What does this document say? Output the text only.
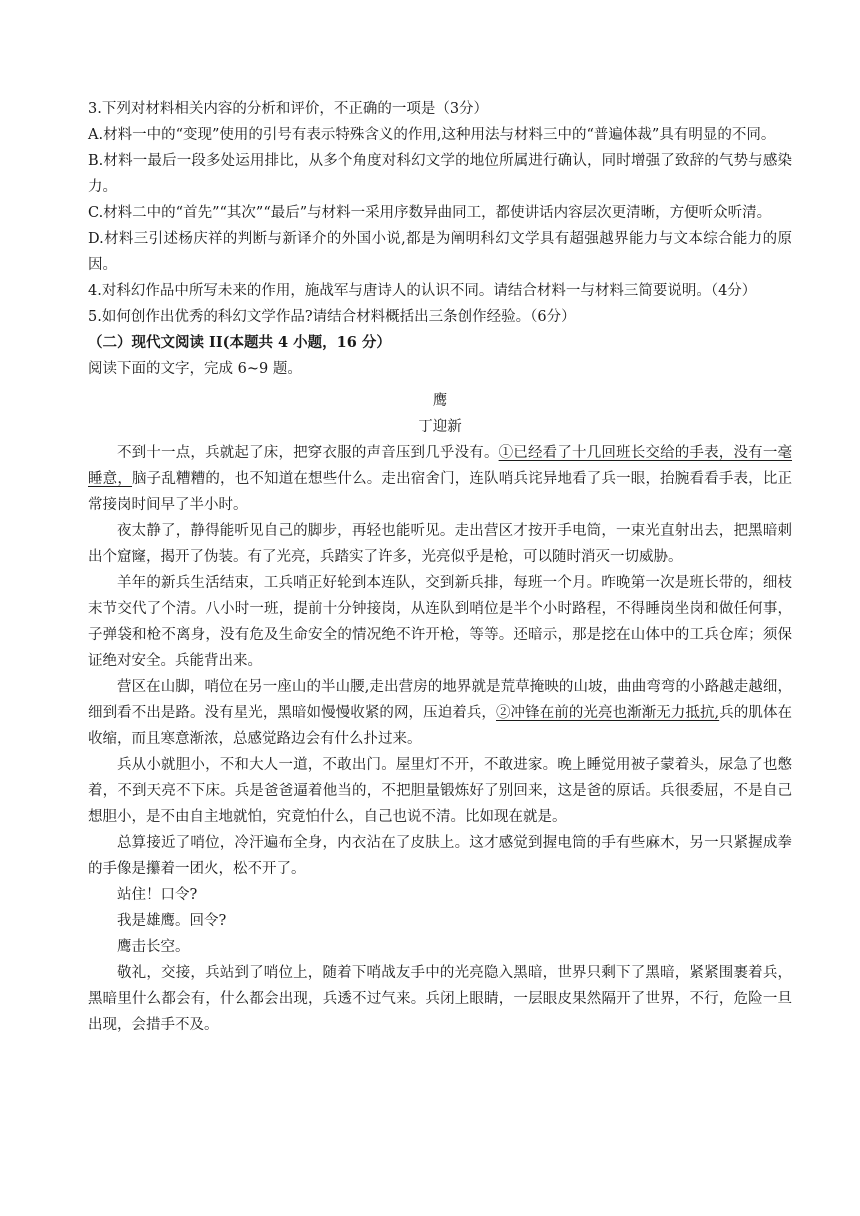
3.下列对材料相关内容的分析和评价，不正确的一项是（3分）
A.材料一中的“变现”使用的引号有表示特殊含义的作用,这种用法与材料三中的“普遍体裁”具有明显的不同。
B.材料一最后一段多处运用排比，从多个角度对科幻文学的地位所属进行确认，同时增强了致辞的气势与感染力。
C.材料二中的“首先”“其次”“最后”与材料一采用序数异曲同工，都使讲话内容层次更清晰，方便听众听清。
D.材料三引述杨庆祥的判断与新译介的外国小说,都是为阐明科幻文学具有超强越界能力与文本综合能力的原因。
4.对科幻作品中所写未来的作用，施战军与唐诗人的认识不同。请结合材料一与材料三简要说明。（4分）
5.如何创作出优秀的科幻文学作品?请结合材料概括出三条创作经验。（6分）
（二）现代文阅读 II(本题共 4 小题，16 分）
阅读下面的文字，完成 6~9 题。
鹰
丁迎新
不到十一点，兵就起了床，把穿衣服的声音压到几乎没有。①已经看了十几回班长交给的手表，没有一毫睡意，脑子乱糟糟的，也不知道在想些什么。走出宿舍门，连队哨兵诧异地看了兵一眼，抬腕看看手表，比正常接岗时间早了半小时。
夜太静了，静得能听见自己的脚步，再轻也能听见。走出营区才按开手电筒，一束光直射出去，把黑暗刺出个窟窿，揭开了伪装。有了光亮，兵踏实了许多，光亮似乎是枪，可以随时消灭一切威胁。
羊年的新兵生活结束，工兵哨正好轮到本连队，交到新兵排，每班一个月。昨晚第一次是班长带的，细枝末节交代了个清。八小时一班，提前十分钟接岗，从连队到哨位是半个小时路程，不得睡岗坐岗和做任何事，子弹袋和枪不离身，没有危及生命安全的情况绝不许开枪，等等。还暗示，那是挖在山体中的工兵仓库；须保证绝对安全。兵能背出来。
营区在山脚，哨位在另一座山的半山腰,走出营房的地界就是荒草掩映的山坡，曲曲弯弯的小路越走越细，细到看不出是路。没有星光，黑暗如慢慢收紧的网，压迫着兵，②冲锋在前的光亮也渐渐无力抵抗,兵的肌体在收缩，而且寒意渐浓，总感觉路边会有什么扑过来。
兵从小就胆小，不和大人一道，不敢出门。屋里灯不开，不敢进家。晚上睡觉用被子蒙着头，尿急了也憋着，不到天亮不下床。兵是爸爸逼着他当的，不把胆量锻炼好了别回来，这是爸的原话。兵很委屈，不是自己想胆小，是不由自主地就怕，究竟怕什么，自己也说不清。比如现在就是。
总算接近了哨位，冷汗遍布全身，内衣沾在了皮肤上。这才感觉到握电筒的手有些麻木，另一只紧握成拳的手像是攥着一团火，松不开了。
站住！口令?
我是雄鹰。回令?
鹰击长空。
敬礼，交接，兵站到了哨位上，随着下哨战友手中的光亮隐入黑暗，世界只剩下了黑暗，紧紧围裹着兵，黑暗里什么都会有，什么都会出现，兵透不过气来。兵闭上眼睛，一层眼皮果然隔开了世界，不行，危险一旦出现，会措手不及。
